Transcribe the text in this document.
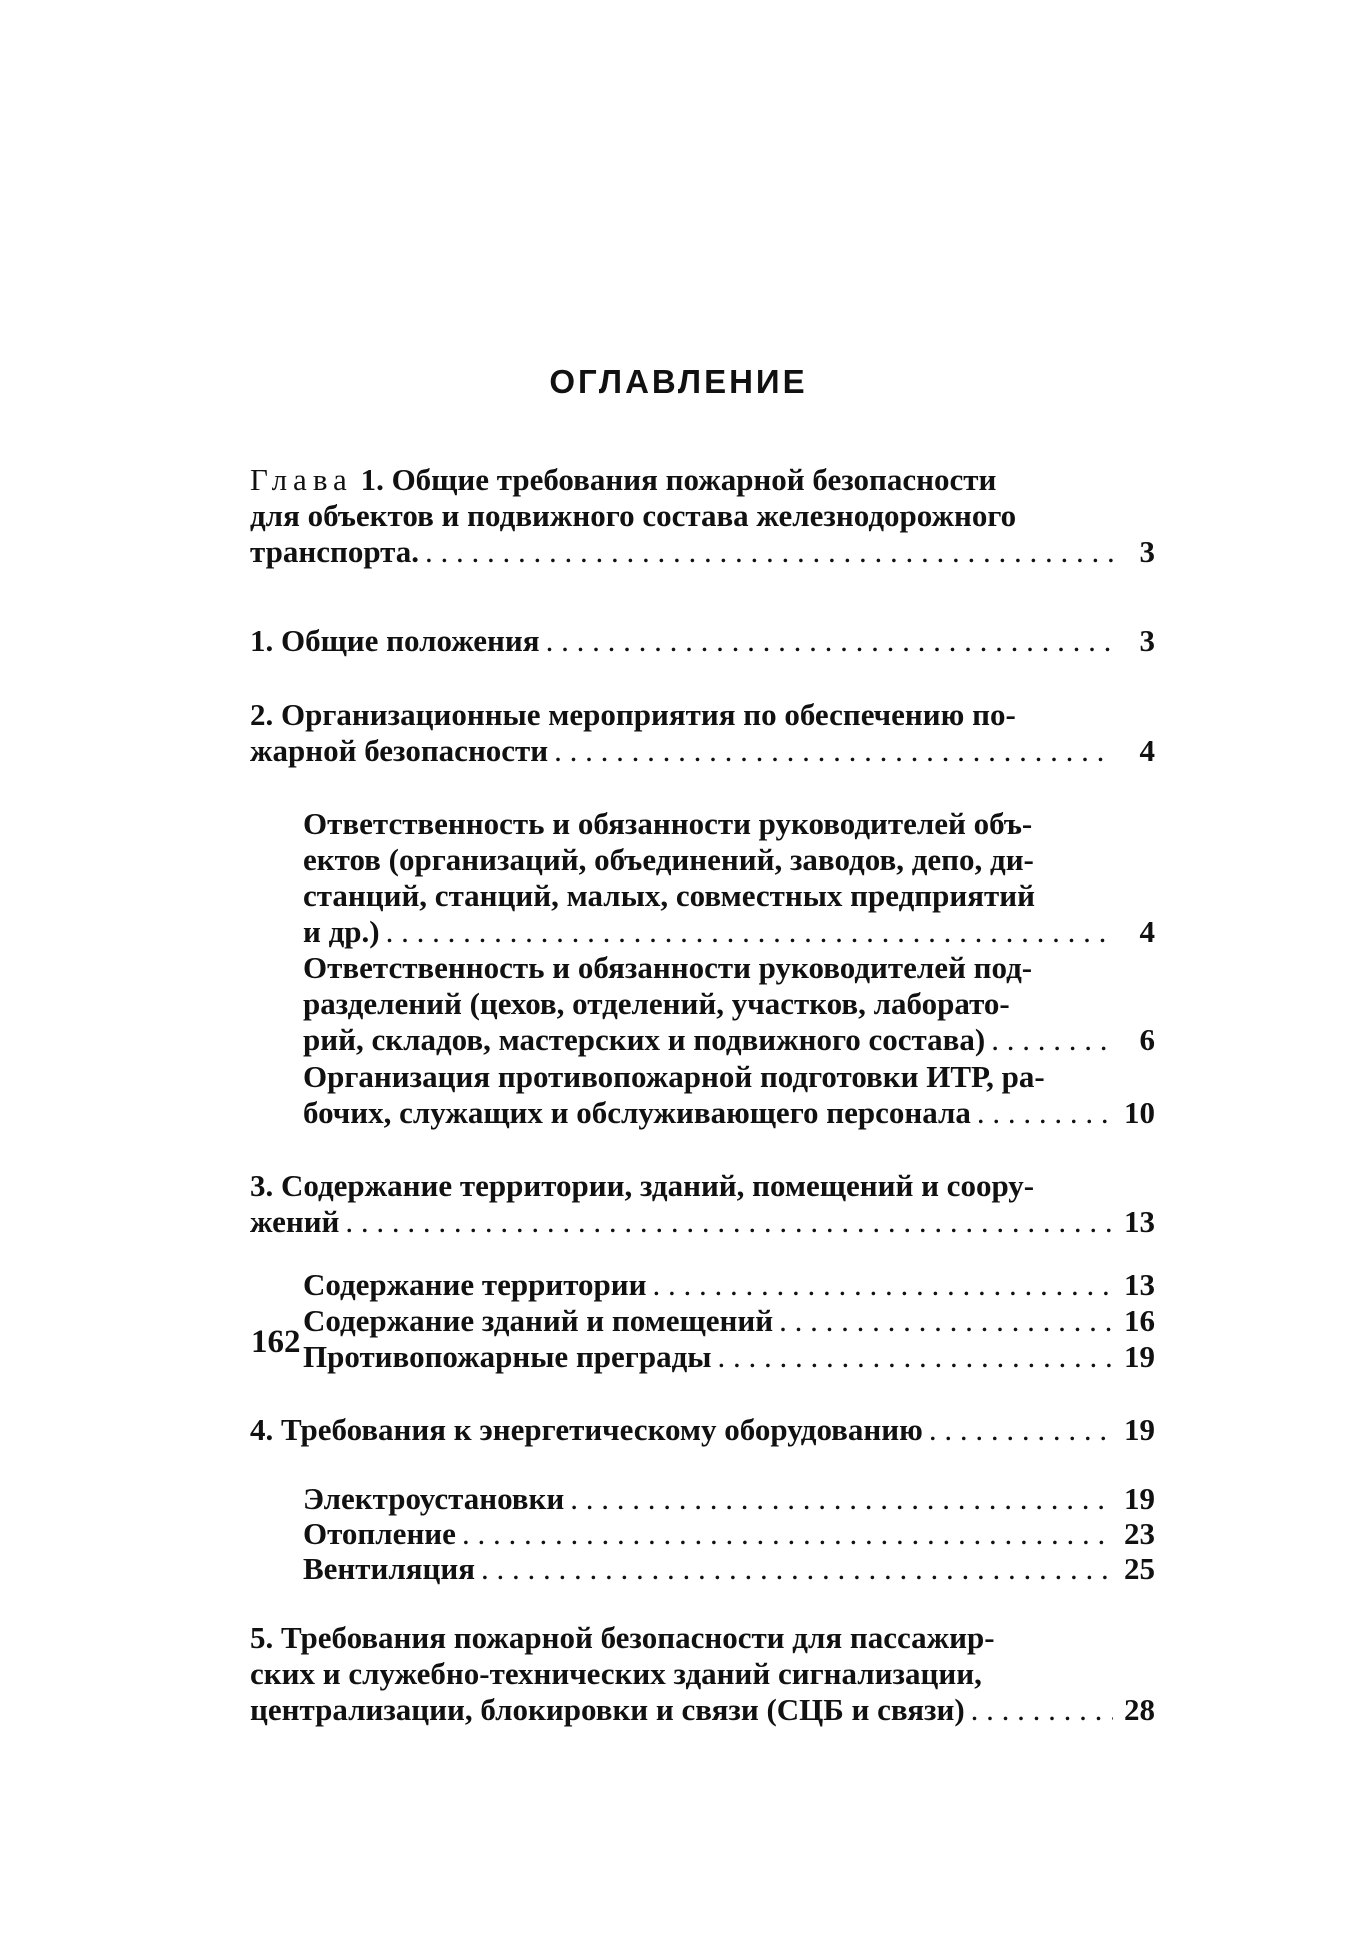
ОГЛАВЛЕНИЕ
Глава 1. Общие требования пожарной безопасности
для объектов и подвижного состава железнодорожного
транспорта. . . .	3
1. Общие положения . . .	3
2. Организационные мероприятия по обеспечению по-
жарной безопасности . . .	4
Ответственность и обязанности руководителей объ-
ектов (организаций, объединений, заводов, депо, ди-
станций, станций, малых, совместных предприятий
и др.) . . .	4
Ответственность и обязанности руководителей под-
разделений (цехов, отделений, участков, лаборато-
рий, складов, мастерских и подвижного состава) . . .	6
Организация противопожарной подготовки ИТР, ра-
бочих, служащих и обслуживающего персонала . . .	10
3. Содержание территории, зданий, помещений и соору-
жений . . .	13
Содержание территории . . .	13
Содержание зданий и помещений . . .	16
Противопожарные преграды . . .	19
4. Требования к энергетическому оборудованию . . .	19
Электроустановки . . .	19
Отопление . . .	23
Вентиляция . . .	25
5. Требования пожарной безопасности для пассажир-
ских и служебно-технических зданий сигнализации,
централизации, блокировки и связи (СЦБ и связи) . . .	28
162
